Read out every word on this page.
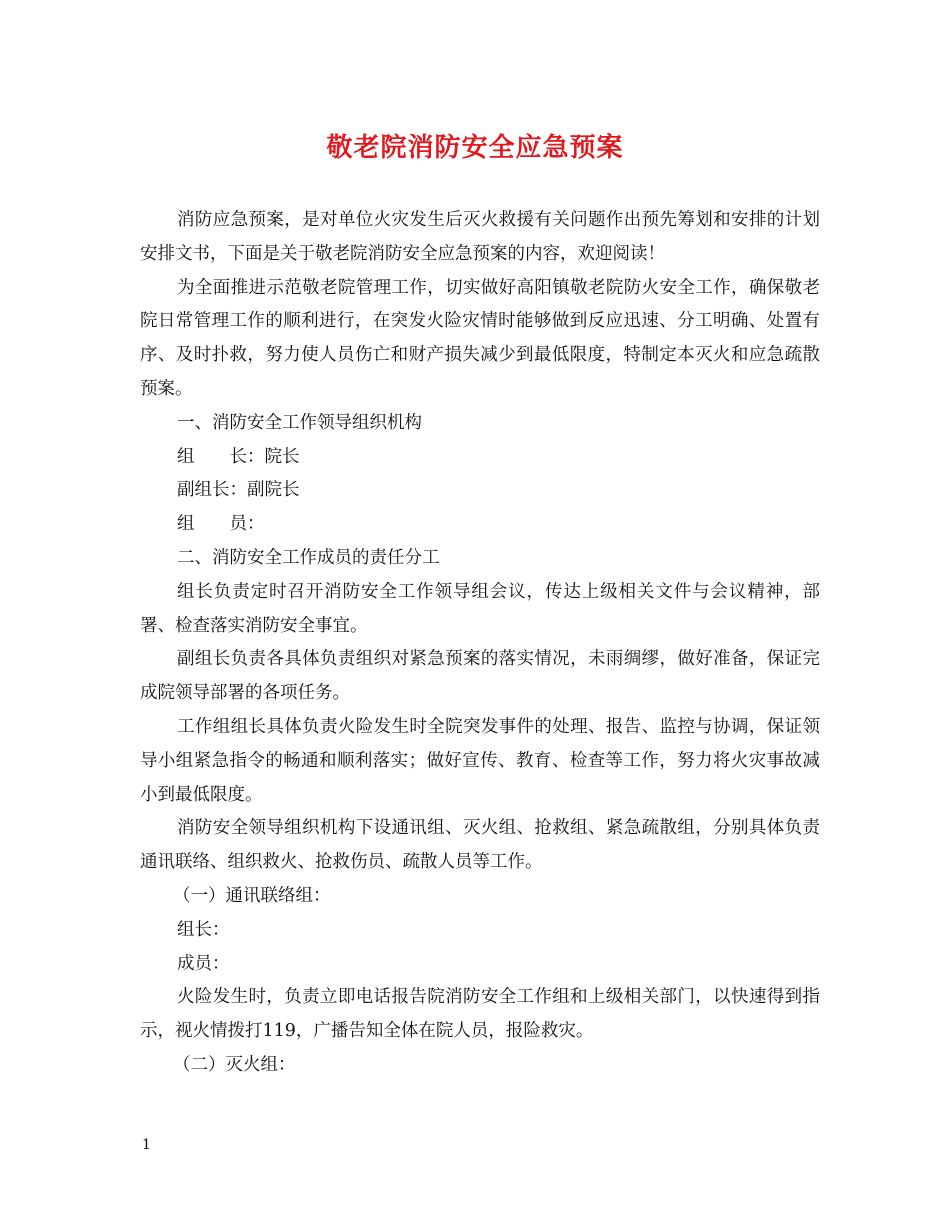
敬老院消防安全应急预案

消防应急预案，是对单位火灾发生后灭火救援有关问题作出预先筹划和安排的计划安排文书，下面是关于敬老院消防安全应急预案的内容，欢迎阅读！

为全面推进示范敬老院管理工作，切实做好高阳镇敬老院防火安全工作，确保敬老院日常管理工作的顺利进行，在突发火险灾情时能够做到反应迅速、分工明确、处置有序、及时扑救，努力使人员伤亡和财产损失减少到最低限度，特制定本灭火和应急疏散预案。

一、消防安全工作领导组织机构

组　　长：院长

副组长：副院长

组　　员：

二、消防安全工作成员的责任分工

组长负责定时召开消防安全工作领导组会议，传达上级相关文件与会议精神，部署、检查落实消防安全事宜。

副组长负责各具体负责组织对紧急预案的落实情况，未雨绸缪，做好准备，保证完成院领导部署的各项任务。

工作组组长具体负责火险发生时全院突发事件的处理、报告、监控与协调，保证领导小组紧急指令的畅通和顺利落实；做好宣传、教育、检查等工作，努力将火灾事故减小到最低限度。

消防安全领导组织机构下设通讯组、灭火组、抢救组、紧急疏散组，分别具体负责通讯联络、组织救火、抢救伤员、疏散人员等工作。

（一）通讯联络组：

组长：

成员：

火险发生时，负责立即电话报告院消防安全工作组和上级相关部门，以快速得到指示，视火情拨打119，广播告知全体在院人员，报险救灾。

（二）灭火组：

1
